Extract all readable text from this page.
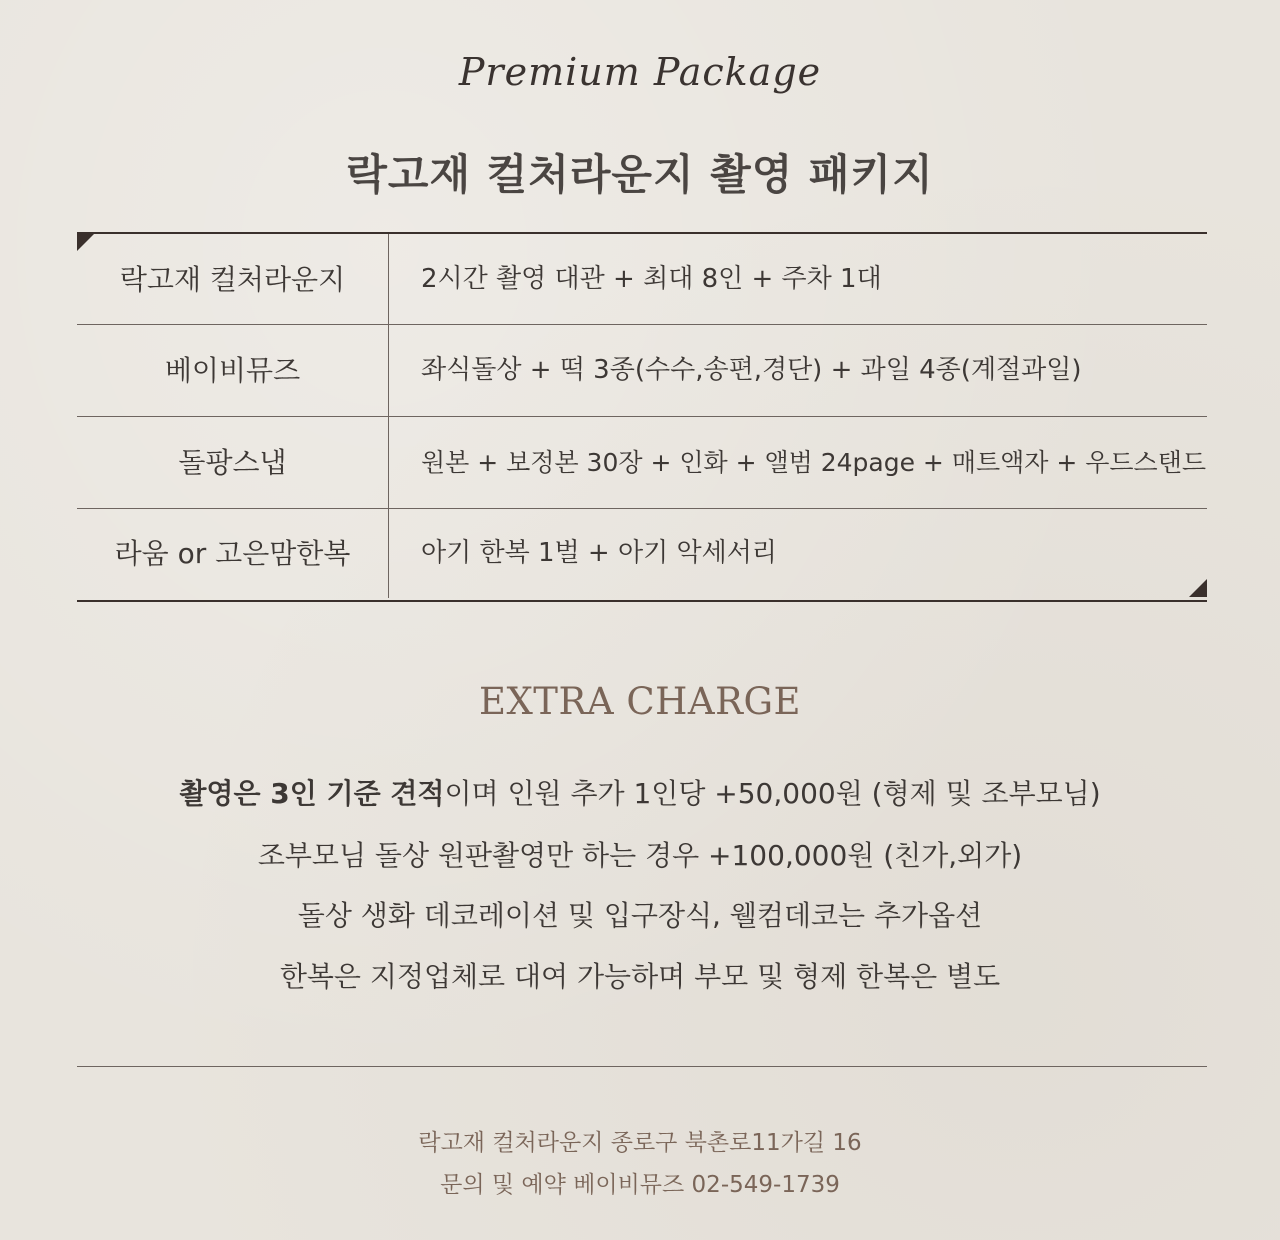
Premium Package
락고재 컬처라운지 촬영 패키지
락고재 컬처라운지	2시간 촬영 대관 + 최대 8인 + 주차 1대
베이비뮤즈	좌식돌상 + 떡 3종(수수,송편,경단) + 과일 4종(계절과일)
돌팡스냅	원본 + 보정본 30장 + 인화 + 앨범 24page + 매트액자 + 우드스탠드
라움 or 고은맘한복	아기 한복 1벌 + 아기 악세서리
EXTRA CHARGE
촬영은 3인 기준 견적이며 인원 추가 1인당 +50,000원 (형제 및 조부모님)
조부모님 돌상 원판촬영만 하는 경우 +100,000원 (친가,외가)
돌상 생화 데코레이션 및 입구장식, 웰컴데코는 추가옵션
한복은 지정업체로 대여 가능하며 부모 및 형제 한복은 별도
락고재 컬처라운지 종로구 북촌로11가길 16
문의 및 예약 베이비뮤즈 02-549-1739
